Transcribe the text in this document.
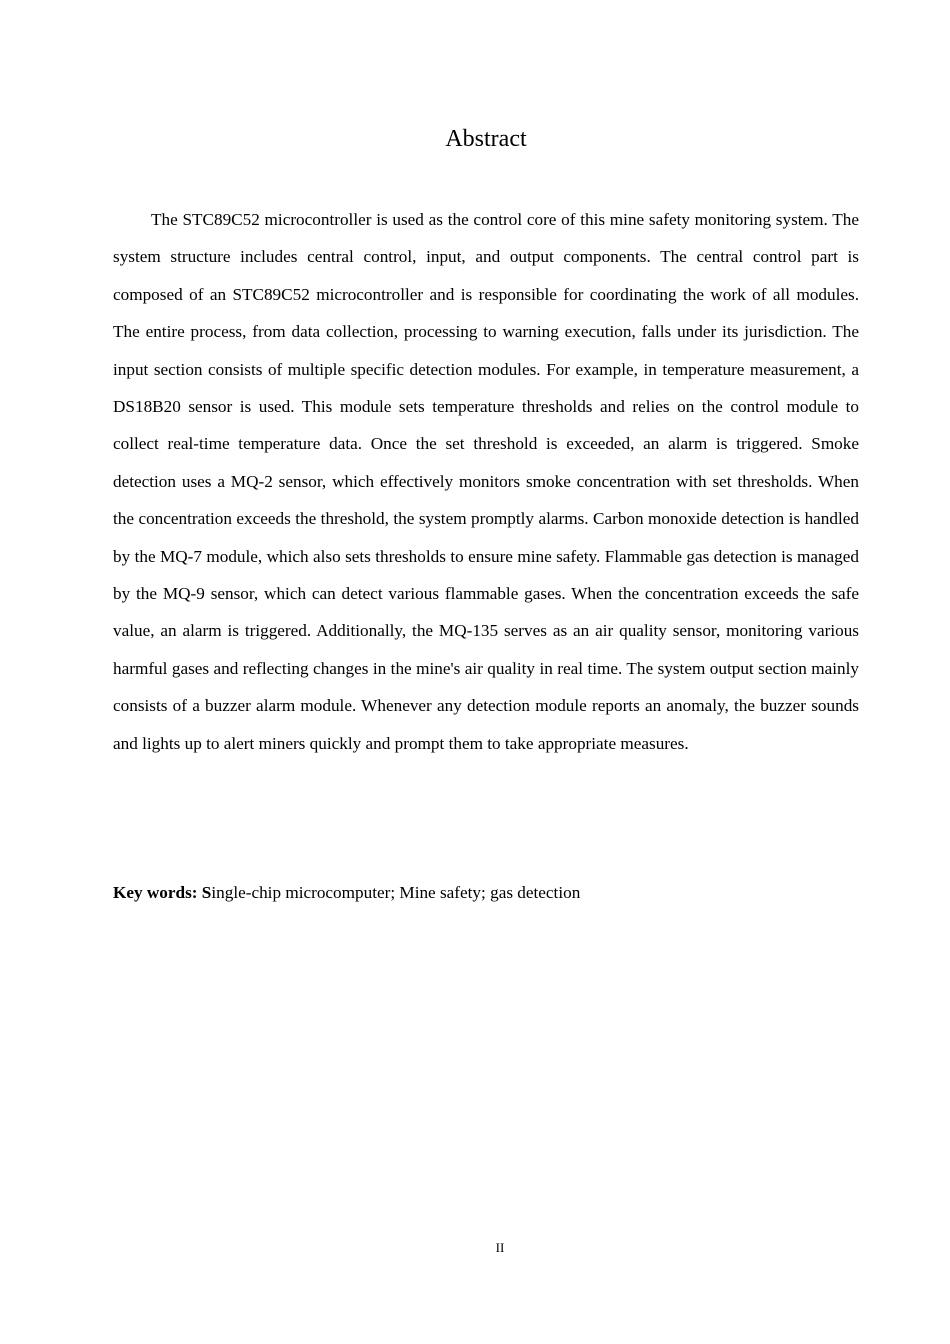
Abstract

The STC89C52 microcontroller is used as the control core of this mine safety monitoring system. The system structure includes central control, input, and output components. The central control part is composed of an STC89C52 microcontroller and is responsible for coordinating the work of all modules. The entire process, from data collection, processing to warning execution, falls under its jurisdiction. The input section consists of multiple specific detection modules. For example, in temperature measurement, a DS18B20 sensor is used. This module sets temperature thresholds and relies on the control module to collect real-time temperature data. Once the set threshold is exceeded, an alarm is triggered. Smoke detection uses a MQ-2 sensor, which effectively monitors smoke concentration with set thresholds. When the concentration exceeds the threshold, the system promptly alarms. Carbon monoxide detection is handled by the MQ-7 module, which also sets thresholds to ensure mine safety. Flammable gas detection is managed by the MQ-9 sensor, which can detect various flammable gases. When the concentration exceeds the safe value, an alarm is triggered. Additionally, the MQ-135 serves as an air quality sensor, monitoring various harmful gases and reflecting changes in the mine's air quality in real time. The system output section mainly consists of a buzzer alarm module. Whenever any detection module reports an anomaly, the buzzer sounds and lights up to alert miners quickly and prompt them to take appropriate measures.

Key words: Single-chip microcomputer; Mine safety; gas detection

II
